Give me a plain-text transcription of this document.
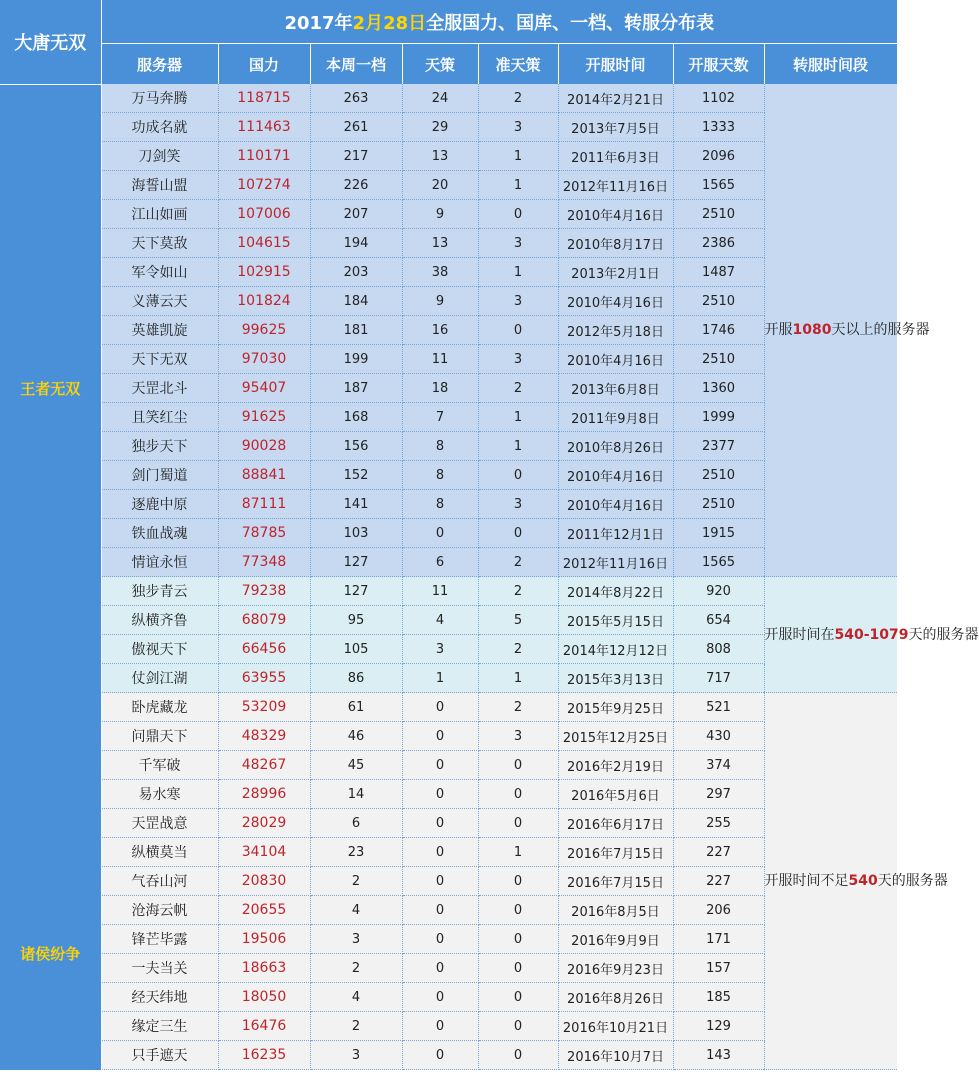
大唐无双	2017年2月28日全服国力、国库、一档、转服分布表							
	服务器	国力	本周一档	天策	准天策	开服时间	开服天数	转服时间段
王者无双	万马奔腾	118715	263	24	2	2014年2月21日	1102	开服1080天以上的服务器
	功成名就	111463	261	29	3	2013年7月5日	1333	
	刀剑笑	110171	217	13	1	2011年6月3日	2096	
	海誓山盟	107274	226	20	1	2012年11月16日	1565	
	江山如画	107006	207	9	0	2010年4月16日	2510	
	天下莫敌	104615	194	13	3	2010年8月17日	2386	
	军令如山	102915	203	38	1	2013年2月1日	1487	
	义薄云天	101824	184	9	3	2010年4月16日	2510	
	英雄凯旋	99625	181	16	0	2012年5月18日	1746	
	天下无双	97030	199	11	3	2010年4月16日	2510	
	天罡北斗	95407	187	18	2	2013年6月8日	1360	
	且笑红尘	91625	168	7	1	2011年9月8日	1999	
	独步天下	90028	156	8	1	2010年8月26日	2377	
	剑门蜀道	88841	152	8	0	2010年4月16日	2510	
	逐鹿中原	87111	141	8	3	2010年4月16日	2510	
	铁血战魂	78785	103	0	0	2011年12月1日	1915	
	情谊永恒	77348	127	6	2	2012年11月16日	1565	
	独步青云	79238	127	11	2	2014年8月22日	920	开服时间在540-1079天的服务器
	纵横齐鲁	68079	95	4	5	2015年5月15日	654	
	傲视天下	66456	105	3	2	2014年12月12日	808	
	仗剑江湖	63955	86	1	1	2015年3月13日	717	
	卧虎藏龙	53209	61	0	2	2015年9月25日	521	开服时间不足540天的服务器
	问鼎天下	48329	46	0	3	2015年12月25日	430	
	千军破	48267	45	0	0	2016年2月19日	374	
	易水寒	28996	14	0	0	2016年5月6日	297	
	天罡战意	28029	6	0	0	2016年6月17日	255	
诸侯纷争	纵横莫当	34104	23	0	1	2016年7月15日	227	
	气吞山河	20830	2	0	0	2016年7月15日	227	
	沧海云帆	20655	4	0	0	2016年8月5日	206	
	锋芒毕露	19506	3	0	0	2016年9月9日	171	
	一夫当关	18663	2	0	0	2016年9月23日	157	
	经天纬地	18050	4	0	0	2016年8月26日	185	
	缘定三生	16476	2	0	0	2016年10月21日	129	
	只手遮天	16235	3	0	0	2016年10月7日	143	
